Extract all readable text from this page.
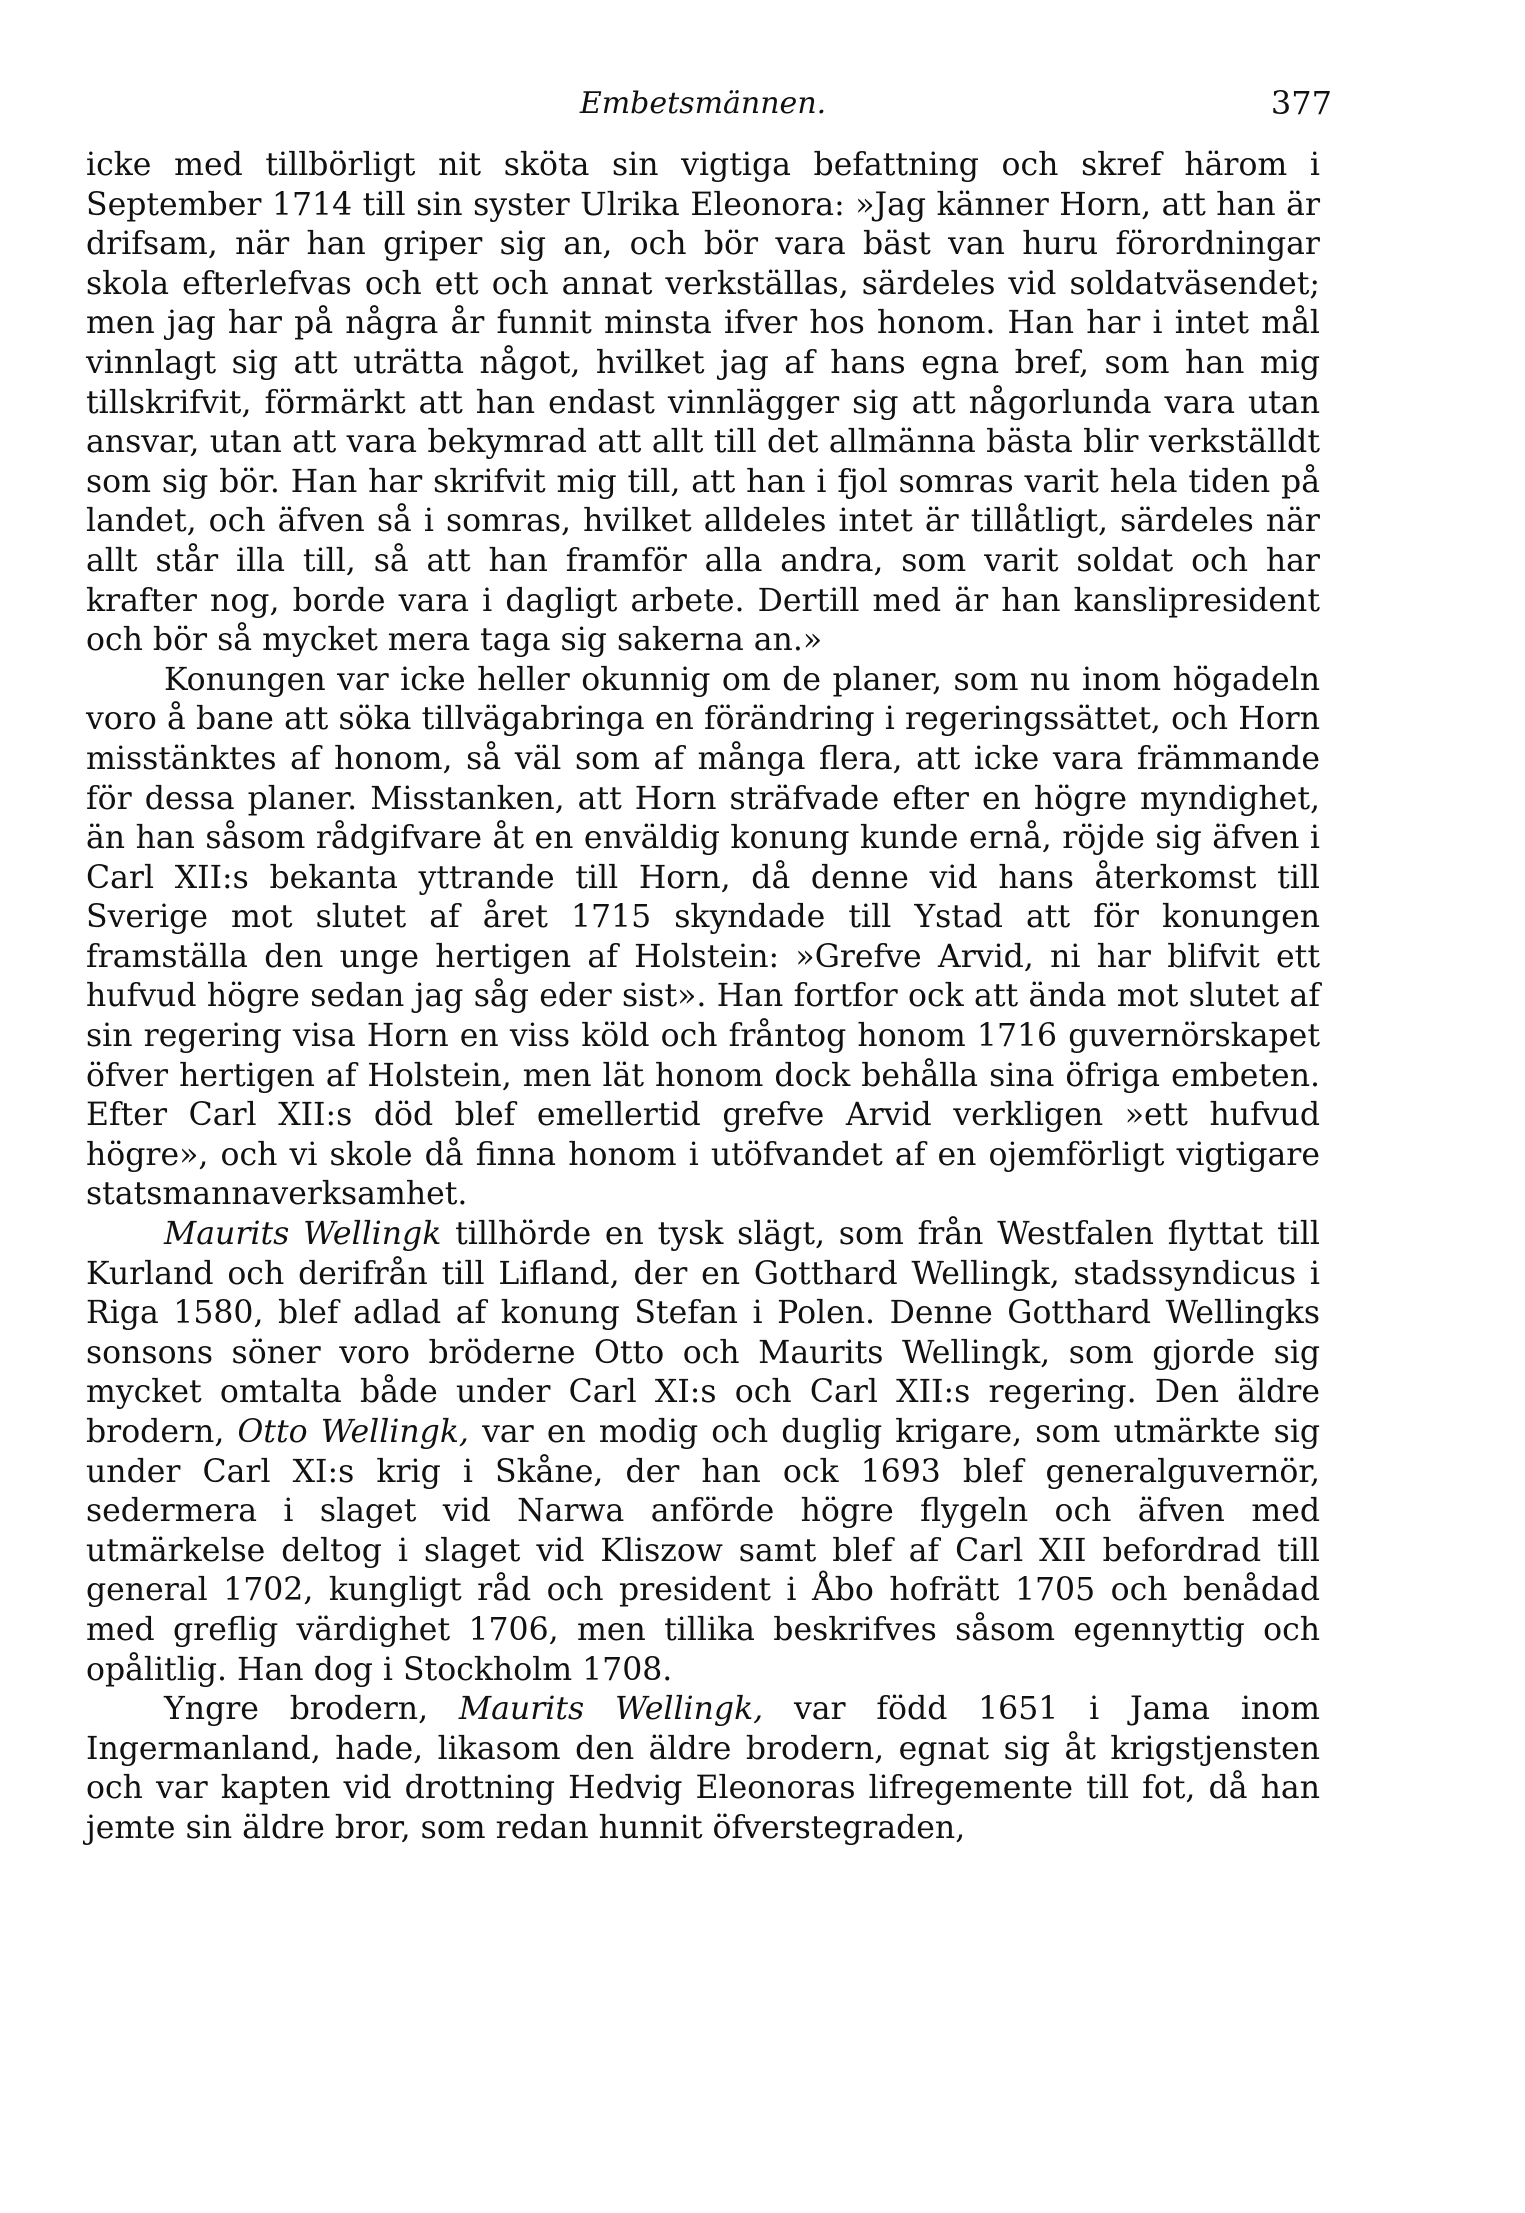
Embetsmännen.	377

icke med tillbörligt nit sköta sin vigtiga befattning och skref härom i September 1714 till sin syster Ulrika Eleonora: »Jag känner Horn, att han är drifsam, när han griper sig an, och bör vara bäst van huru förordningar skola efterlefvas och ett och annat verkställas, särdeles vid soldatväsendet; men jag har på några år funnit minsta ifver hos honom. Han har i intet mål vinnlagt sig att uträtta något, hvilket jag af hans egna bref, som han mig tillskrifvit, förmärkt att han endast vinnlägger sig att någorlunda vara utan ansvar, utan att vara bekymrad att allt till det allmänna bästa blir verkställdt som sig bör. Han har skrifvit mig till, att han i fjol somras varit hela tiden på landet, och äfven så i somras, hvilket alldeles intet är tillåtligt, särdeles när allt står illa till, så att han framför alla andra, som varit soldat och har krafter nog, borde vara i dagligt arbete. Dertill med är han kanslipresident och bör så mycket mera taga sig sakerna an.»

Konungen var icke heller okunnig om de planer, som nu inom högadeln voro å bane att söka tillvägabringa en förändring i regeringssättet, och Horn misstänktes af honom, så väl som af många flera, att icke vara främmande för dessa planer. Misstanken, att Horn sträfvade efter en högre myndighet, än han såsom rådgifvare åt en enväldig konung kunde ernå, röjde sig äfven i Carl XII:s bekanta yttrande till Horn, då denne vid hans återkomst till Sverige mot slutet af året 1715 skyndade till Ystad att för konungen framställa den unge hertigen af Holstein: »Grefve Arvid, ni har blifvit ett hufvud högre sedan jag såg eder sist». Han fortfor ock att ända mot slutet af sin regering visa Horn en viss köld och fråntog honom 1716 guvernörskapet öfver hertigen af Holstein, men lät honom dock behålla sina öfriga embeten. Efter Carl XII:s död blef emellertid grefve Arvid verkligen »ett hufvud högre», och vi skole då finna honom i utöfvandet af en ojemförligt vigtigare statsmannaverksamhet.

Maurits Wellingk tillhörde en tysk slägt, som från Westfalen flyttat till Kurland och derifrån till Lifland, der en Gotthard Wellingk, stadssyndicus i Riga 1580, blef adlad af konung Stefan i Polen. Denne Gotthard Wellingks sonsons söner voro bröderne Otto och Maurits Wellingk, som gjorde sig mycket omtalta både under Carl XI:s och Carl XII:s regering. Den äldre brodern, Otto Wellingk, var en modig och duglig krigare, som utmärkte sig under Carl XI:s krig i Skåne, der han ock 1693 blef generalguvernör, sedermera i slaget vid Narwa anförde högre flygeln och äfven med utmärkelse deltog i slaget vid Kliszow samt blef af Carl XII befordrad till general 1702, kungligt råd och president i Åbo hofrätt 1705 och benådad med greflig värdighet 1706, men tillika beskrifves såsom egennyttig och opålitlig. Han dog i Stockholm 1708.

Yngre brodern, Maurits Wellingk, var född 1651 i Jama inom Ingermanland, hade, likasom den äldre brodern, egnat sig åt krigstjensten och var kapten vid drottning Hedvig Eleonoras lifregemente till fot, då han jemte sin äldre bror, som redan hunnit öfverstegraden,
